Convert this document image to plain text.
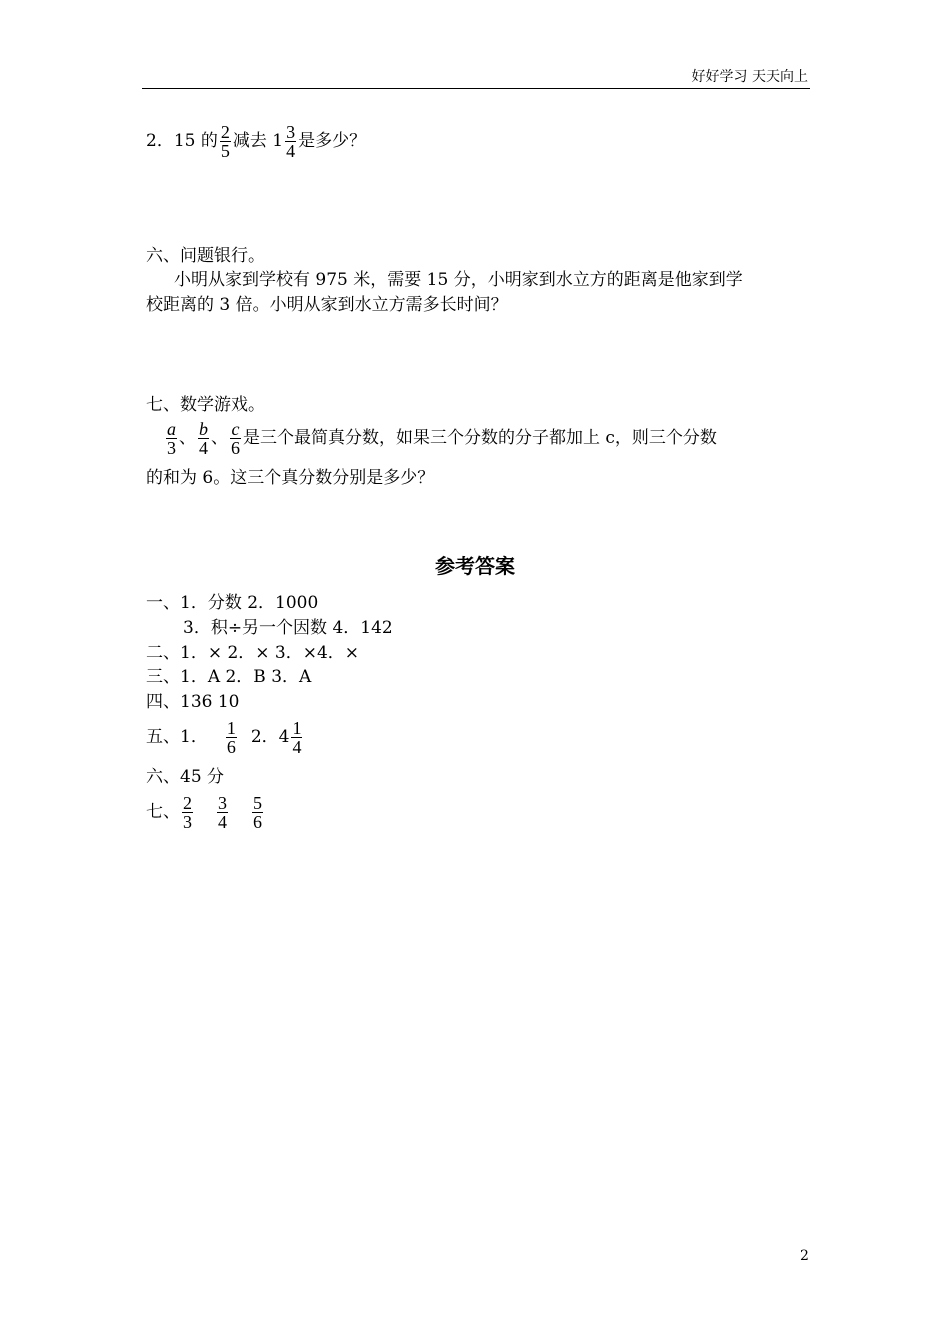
好好学习 天天向上
2．15 的 $\frac{2}{5}$ 减去 $1 \frac{3}{4}$ 是多少？
六、问题银行。
小明从家到学校有 975 米，需要 15 分，小明家到水立方的距离是他家到学
校距离的 3 倍。小明从家到水立方需多长时间？
七、数学游戏。
$\frac{a}{3}$ 、 $\frac{b}{4}$ 、 $\frac{c}{6}$ 是三个最简真分数，如果三个分数的分子都加上 c，则三个分数
的和为 6。这三个真分数分别是多少？
参考答案
一、1．分数 2．1000
3．积÷另一个因数 4．142
二、1．× 2．× 3．×4．×
三、1．A 2．B 3．A
四、136 10
五、1． $\frac{1}{6} 2$．$4 \frac{1}{4}$
六、45 分
七、 $\frac{2}{3} \frac{3}{4} \frac{5}{6}$
2
